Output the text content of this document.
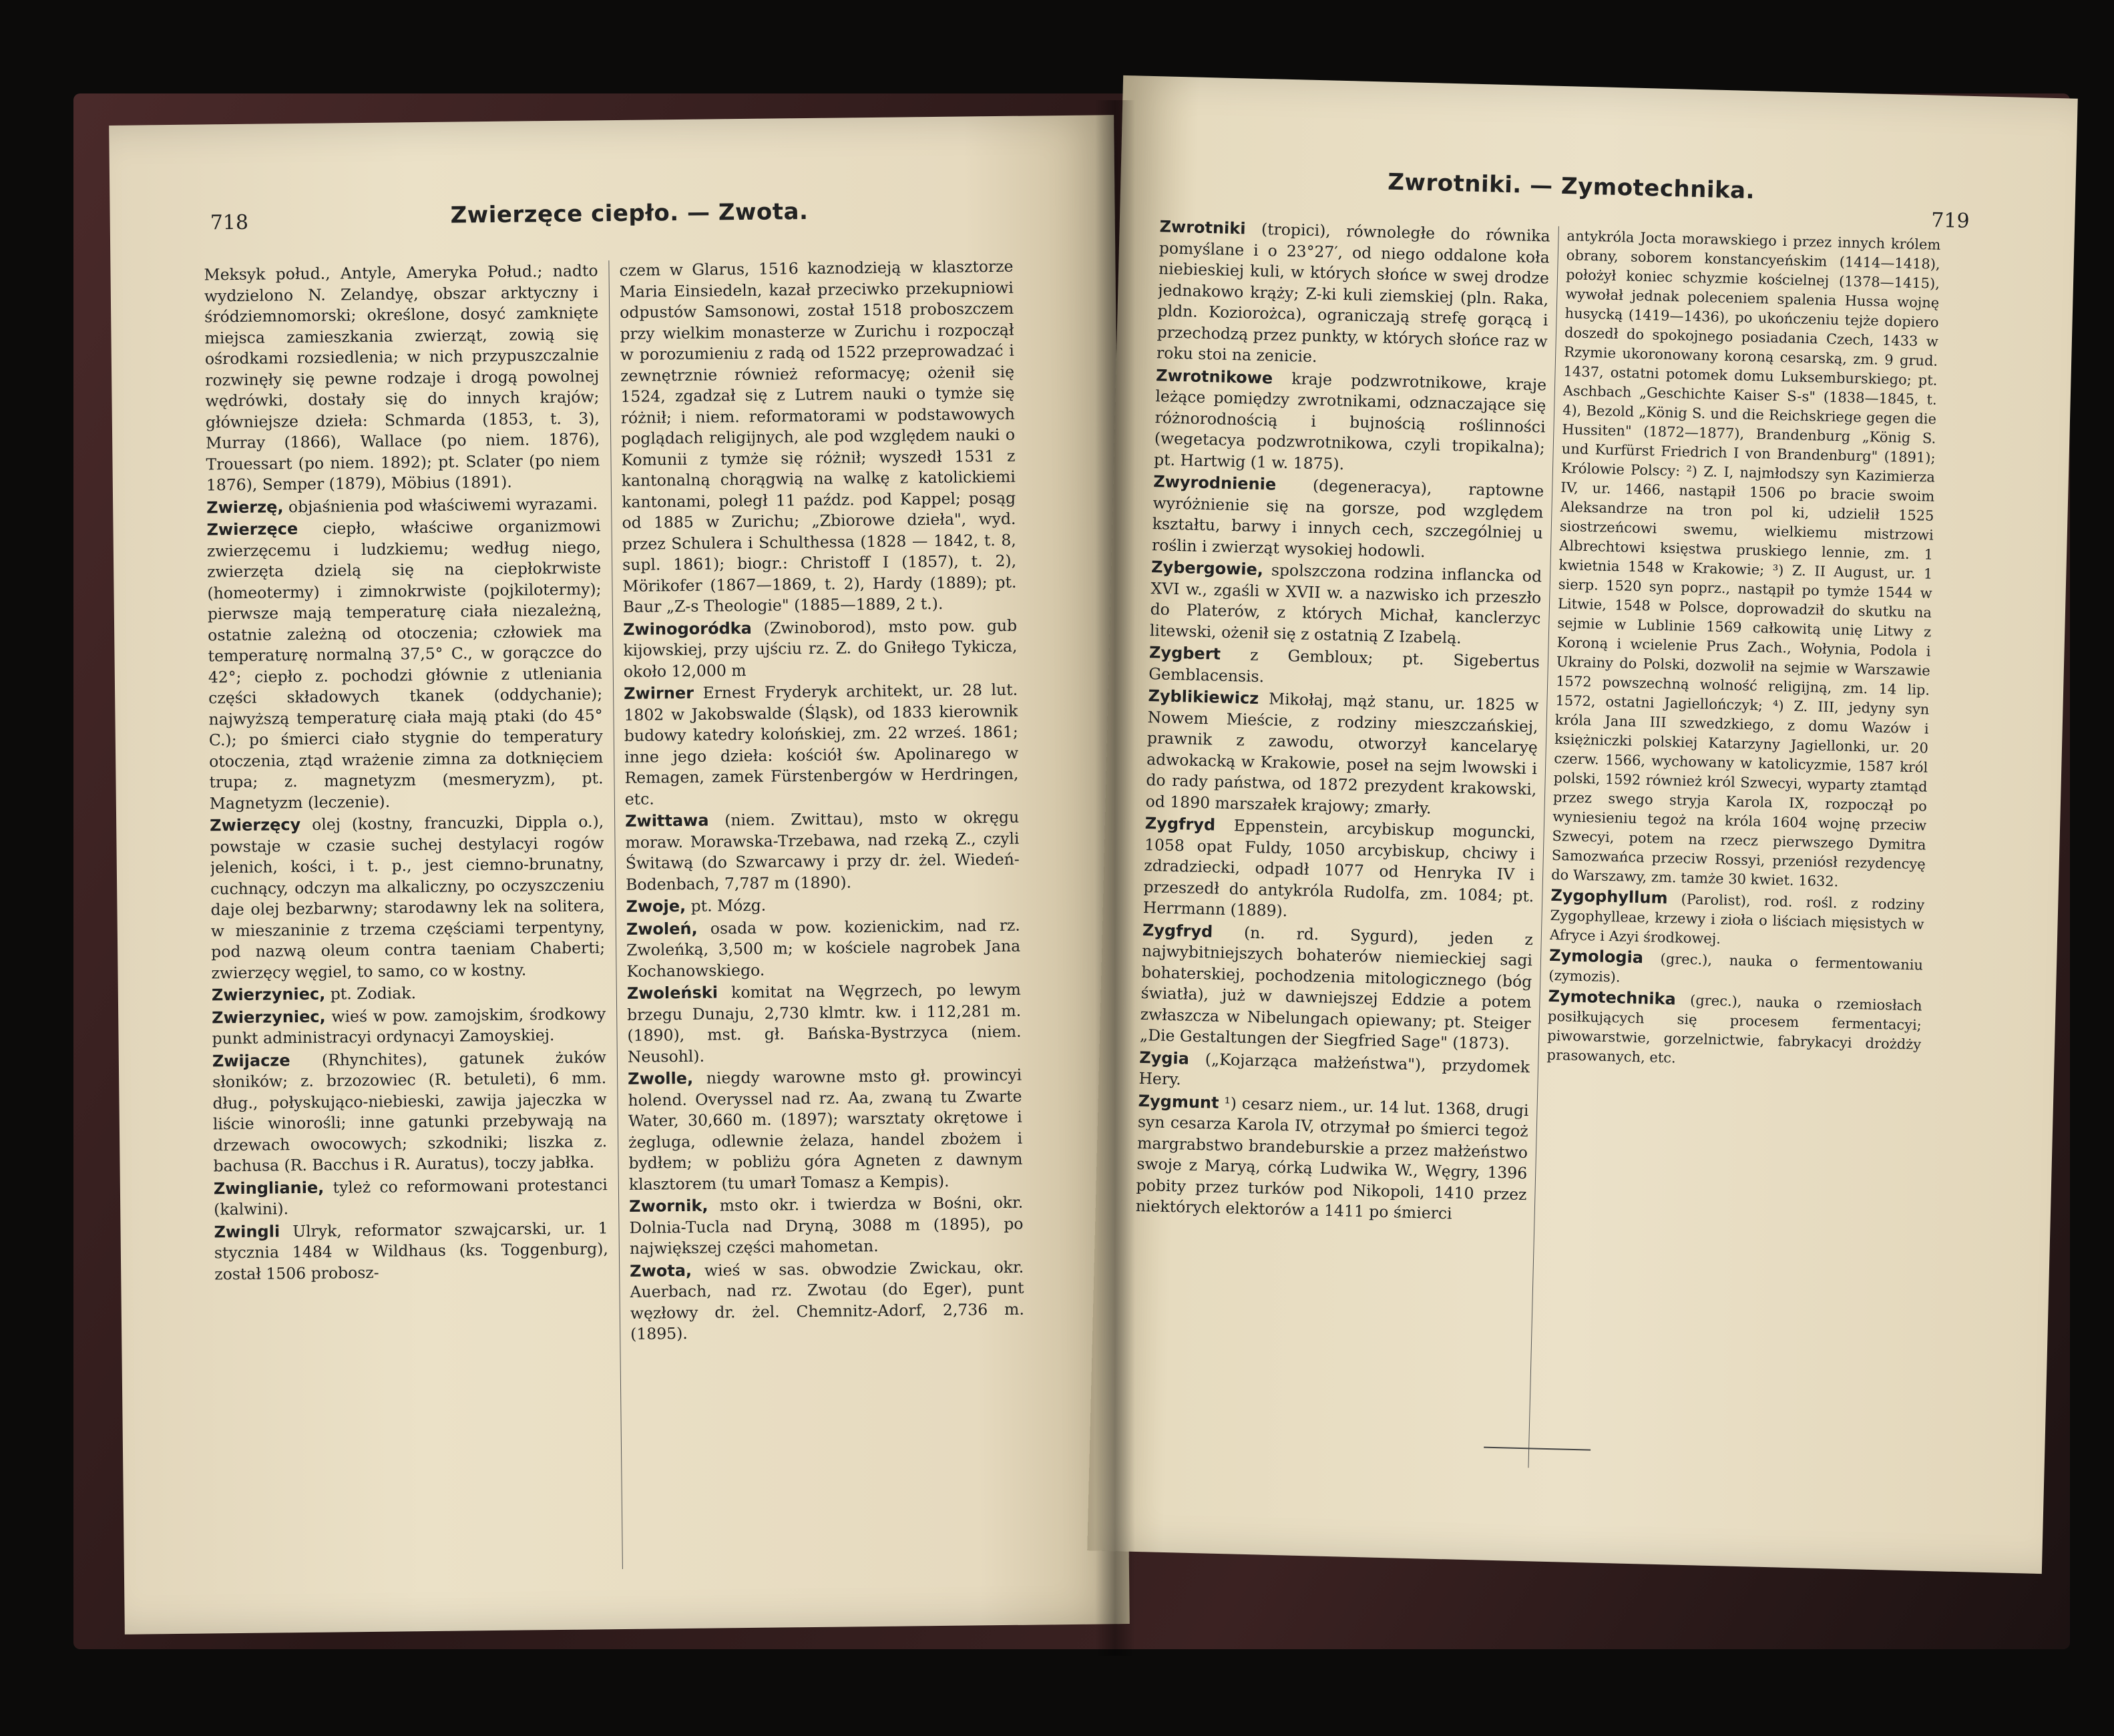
718	Zwierzęce ciepło. — Zwota.

Meksyk połud., Antyle, Ameryka Połud.; nadto wydzielono N. Zelandyę, obszar arktyczny i śródziemnomorski; określone, dosyć zamknięte miejsca zamieszkania zwierząt, zowią się ośrodkami rozsiedlenia; w nich przypuszczalnie rozwinęły się pewne rodzaje i drogą powolnej wędrówki, dostały się do innych krajów; główniejsze dzieła: Schmarda (1853, t. 3), Murray (1866), Wallace (po niem. 1876), Trouessart (po niem. 1892); pt. Sclater (po niem 1876), Semper (1879), Möbius (1891).

Zwierzę, objaśnienia pod właściwemi wyrazami.

Zwierzęce ciepło, właściwe organizmowi zwierzęcemu i ludzkiemu; według niego, zwierzęta dzielą się na ciepłokrwiste (homeotermy) i zimnokrwiste (pojkilotermy); pierwsze mają temperaturę ciała niezależną, ostatnie zależną od otoczenia; człowiek ma temperaturę normalną 37,5° C., w gorączce do 42°; ciepło z. pochodzi głównie z utleniania części składowych tkanek (oddychanie); najwyższą temperaturę ciała mają ptaki (do 45° C.); po śmierci ciało stygnie do temperatury otoczenia, ztąd wrażenie zimna za dotknięciem trupa; z. magnetyzm (mesmeryzm), pt. Magnetyzm (leczenie).

Zwierzęcy olej (kostny, francuzki, Dippla o.), powstaje w czasie suchej destylacyi rogów jelenich, kości, i t. p., jest ciemno-brunatny, cuchnący, odczyn ma alkaliczny, po oczyszczeniu daje olej bezbarwny; starodawny lek na solitera, w mieszaninie z trzema częściami terpentyny, pod nazwą oleum contra taeniam Chaberti; zwierzęcy węgiel, to samo, co w kostny.

Zwierzyniec, pt. Zodiak.

Zwierzyniec, wieś w pow. zamojskim, środkowy punkt administracyi ordynacyi Zamoyskiej.

Zwijacze (Rhynchites), gatunek żuków słoników; z. brzozowiec (R. betuleti), 6 mm. dług., połyskująco-niebieski, zawija jajeczka w liście winorośli; inne gatunki przebywają na drzewach owocowych; szkodniki; liszka z. bachusa (R. Bacchus i R. Auratus), toczy jabłka.

Zwinglianie, tyleż co reformowani protestanci (kalwini).

Zwingli Ulryk, reformator szwajcarski, ur. 1 stycznia 1484 w Wildhaus (ks. Toggenburg), został 1506 probosz-

czem w Glarus, 1516 kaznodzieją w klasztorze Maria Einsiedeln, kazał przeciwko przekupniowi odpustów Samsonowi, został 1518 proboszczem przy wielkim monasterze w Zurichu i rozpoczął w porozumieniu z radą od 1522 przeprowadzać i zewnętrznie również reformacyę; ożenił się 1524, zgadzał się z Lutrem nauki o tymże się różnił; i niem. reformatorami w podstawowych poglądach religijnych, ale pod względem nauki o Komunii z tymże się różnił; wyszedł 1531 z kantonalną chorągwią na walkę z katolickiemi kantonami, poległ 11 paźdz. pod Kappel; posąg od 1885 w Zurichu; „Zbiorowe dzieła", wyd. przez Schulera i Schulthessa (1828 — 1842, t. 8, supl. 1861); biogr.: Christoff I (1857), t. 2), Mörikofer (1867—1869, t. 2), Hardy (1889); pt. Baur „Z-s Theologie" (1885—1889, 2 t.).

Zwinogoródka (Zwinoborod), msto pow. gub kijowskiej, przy ujściu rz. Z. do Gniłego Tykicza, około 12,000 m

Zwirner Ernest Fryderyk architekt, ur. 28 lut. 1802 w Jakobswalde (Śląsk), od 1833 kierownik budowy katedry kolońskiej, zm. 22 wrześ. 1861; inne jego dzieła: kościół św. Apolinarego w Remagen, zamek Fürstenbergów w Herdringen, etc.

Zwittawa (niem. Zwittau), msto w okręgu moraw. Morawska-Trzebawa, nad rzeką Z., czyli Świtawą (do Szwarcawy i przy dr. żel. Wiedeń-Bodenbach, 7,787 m (1890).

Zwoje, pt. Mózg.

Zwoleń, osada w pow. kozienickim, nad rz. Zwoleńką, 3,500 m; w kościele nagrobek Jana Kochanowskiego.

Zwoleński komitat na Węgrzech, po lewym brzegu Dunaju, 2,730 klmtr. kw. i 112,281 m. (1890), mst. gł. Bańska-Bystrzyca (niem. Neusohl).

Zwolle, niegdy warowne msto gł. prowincyi holend. Overyssel nad rz. Aa, zwaną tu Zwarte Water, 30,660 m. (1897); warsztaty okrętowe i żegluga, odlewnie żelaza, handel zbożem i bydłem; w pobliżu góra Agneten z dawnym klasztorem (tu umarł Tomasz a Kempis).

Zwornik, msto okr. i twierdza w Bośni, okr. Dolnia-Tucla nad Dryną, 3088 m (1895), po największej części mahometan.

Zwota, wieś w sas. obwodzie Zwickau, okr. Auerbach, nad rz. Zwotau (do Eger), punt węzłowy dr. żel. Chemnitz-Adorf, 2,736 m. (1895).

Zwrotniki. — Zymotechnika.
719

Zwrotniki (tropici), równoległe do równika pomyślane i o 23°27′, od niego oddalone koła niebieskiej kuli, w których słońce w swej drodze jednakowo krąży; Z-ki kuli ziemskiej (pln. Raka, pldn. Koziorożca), ograniczają strefę gorącą i przechodzą przez punkty, w których słońce raz w roku stoi na zenicie.

Zwrotnikowe kraje podzwrotnikowe, kraje leżące pomiędzy zwrotnikami, odznaczające się różnorodnością i bujnością roślinności (wegetacya podzwrotnikowa, czyli tropikalna); pt. Hartwig (1 w. 1875).

Zwyrodnienie (degeneracya), raptowne wyróżnienie się na gorsze, pod względem kształtu, barwy i innych cech, szczególniej u roślin i zwierząt wysokiej hodowli.

Zybergowie, spolszczona rodzina inflancka od XVI w., zgaśli w XVII w. a nazwisko ich przeszło do Platerów, z których Michał, kanclerzyc litewski, ożenił się z ostatnią Z Izabelą.

Zygbert z Gembloux; pt. Sigebertus Gemblacensis.

Zyblikiewicz Mikołaj, mąż stanu, ur. 1825 w Nowem Mieście, z rodziny mieszczańskiej, prawnik z zawodu, otworzył kancelaryę adwokacką w Krakowie, poseł na sejm lwowski i do rady państwa, od 1872 prezydent krakowski, od 1890 marszałek krajowy; zmarły.

Zygfryd Eppenstein, arcybiskup moguncki, 1058 opat Fuldy, 1050 arcybiskup, chciwy i zdradziecki, odpadł 1077 od Henryka IV i przeszedł do antykróla Rudolfa, zm. 1084; pt. Herrmann (1889).

Zygfryd (n. rd. Sygurd), jeden z najwybitniejszych bohaterów niemieckiej sagi bohaterskiej, pochodzenia mitologicznego (bóg światła), już w dawniejszej Eddzie a potem zwłaszcza w Nibelungach opiewany; pt. Steiger „Die Gestaltungen der Siegfried Sage" (1873).

Zygia („Kojarząca małżeństwa"), przydomek Hery.

Zygmunt ¹) cesarz niem., ur. 14 lut. 1368, drugi syn cesarza Karola IV, otrzymał po śmierci tegoż margrabstwo brandeburskie a przez małżeństwo swoje z Maryą, córką Ludwika W., Węgry, 1396 pobity przez turków pod Nikopoli, 1410 przez niektórych elektorów a 1411 po śmierci

antykróla Jocta morawskiego i przez innych królem obrany, soborem konstancyeńskim (1414—1418), położył koniec schyzmie kościelnej (1378—1415), wywołał jednak poleceniem spalenia Hussa wojnę husycką (1419—1436), po ukończeniu tejże dopiero doszedł do spokojnego posiadania Czech, 1433 w Rzymie ukoronowany koroną cesarską, zm. 9 grud. 1437, ostatni potomek domu Luksemburskiego; pt. Aschbach „Geschichte Kaiser S-s" (1838—1845, t. 4), Bezold „König S. und die Reichskriege gegen die Hussiten" (1872—1877), Brandenburg „König S. und Kurfürst Friedrich I von Brandenburg" (1891); Królowie Polscy: ²) Z. I, najmłodszy syn Kazimierza IV, ur. 1466, nastąpił 1506 po bracie swoim Aleksandrze na tron pol ki, udzielił 1525 siostrzeńcowi swemu, wielkiemu mistrzowi Albrechtowi księstwa pruskiego lennie, zm. 1 kwietnia 1548 w Krakowie; ³) Z. II August, ur. 1 sierp. 1520 syn poprz., nastąpił po tymże 1544 w Litwie, 1548 w Polsce, doprowadził do skutku na sejmie w Lublinie 1569 całkowitą unię Litwy z Koroną i wcielenie Prus Zach., Wołynia, Podola i Ukrainy do Polski, dozwolił na sejmie w Warszawie 1572 powszechną wolność religijną, zm. 14 lip. 1572, ostatni Jagiellończyk; ⁴) Z. III, jedyny syn króla Jana III szwedzkiego, z domu Wazów i księżniczki polskiej Katarzyny Jagiellonki, ur. 20 czerw. 1566, wychowany w katolicyzmie, 1587 król polski, 1592 również król Szwecyi, wyparty ztamtąd przez swego stryja Karola IX, rozpoczął po wyniesieniu tegoż na króla 1604 wojnę przeciw Szwecyi, potem na rzecz pierwszego Dymitra Samozwańca przeciw Rossyi, przeniósł rezydencyę do Warszawy, zm. tamże 30 kwiet. 1632.

Zygophyllum (Parolist), rod. rośl. z rodziny Zygophylleae, krzewy i zioła o liściach mięsistych w Afryce i Azyi środkowej.

Zymologia (grec.), nauka o fermentowaniu (zymozis).

Zymotechnika (grec.), nauka o rzemiosłach posiłkujących się procesem fermentacyi; piwowarstwie, gorzelnictwie, fabrykacyi drożdży prasowanych, etc.
